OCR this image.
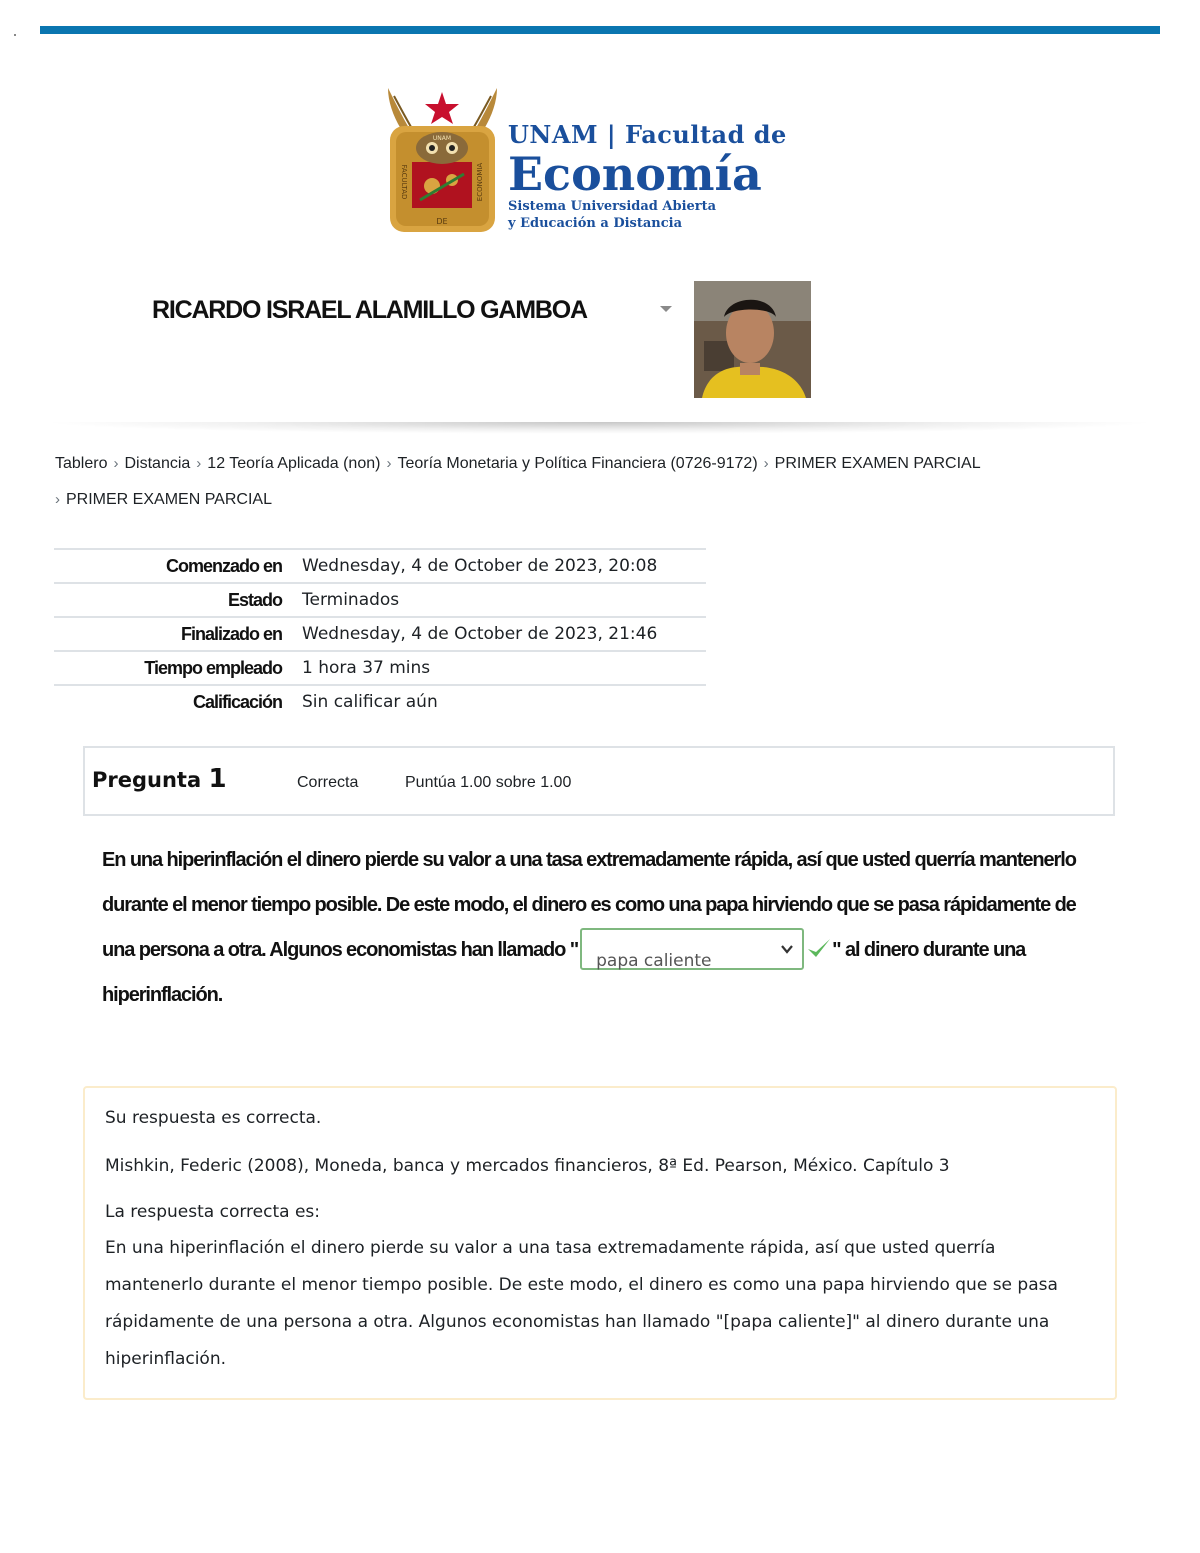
UNAM
FACULTAD	ECONOMIA
DE
UNAM | Facultad de
Economía
Sistema Universidad Abierta
y Educación a Distancia
RICARDO ISRAEL ALAMILLO GAMBOA
Tablero › Distancia › 12 Teoría Aplicada (non) › Teoría Monetaria y Política Financiera (0726-9172) › PRIMER EXAMEN PARCIAL
› PRIMER EXAMEN PARCIAL
Comenzado en	Wednesday, 4 de October de 2023, 20:08
Estado	Terminados
Finalizado en	Wednesday, 4 de October de 2023, 21:46
Tiempo empleado	1 hora 37 mins
Calificación	Sin calificar aún
Pregunta 1	Correcta	Puntúa 1.00 sobre 1.00
En una hiperinflación el dinero pierde su valor a una tasa extremadamente rápida, así que usted querría mantenerlo durante el menor tiempo posible. De este modo, el dinero es como una papa hirviendo que se pasa rápidamente de una persona a otra. Algunos economistas han llamado " papa caliente	" al dinero durante una hiperinflación.
Su respuesta es correcta.
Mishkin, Federic (2008), Moneda, banca y mercados financieros, 8ª Ed. Pearson, México. Capítulo 3
La respuesta correcta es:
En una hiperinflación el dinero pierde su valor a una tasa extremadamente rápida, así que usted querría mantenerlo durante el menor tiempo posible. De este modo, el dinero es como una papa hirviendo que se pasa rápidamente de una persona a otra. Algunos economistas han llamado "[papa caliente]" al dinero durante una hiperinflación.
